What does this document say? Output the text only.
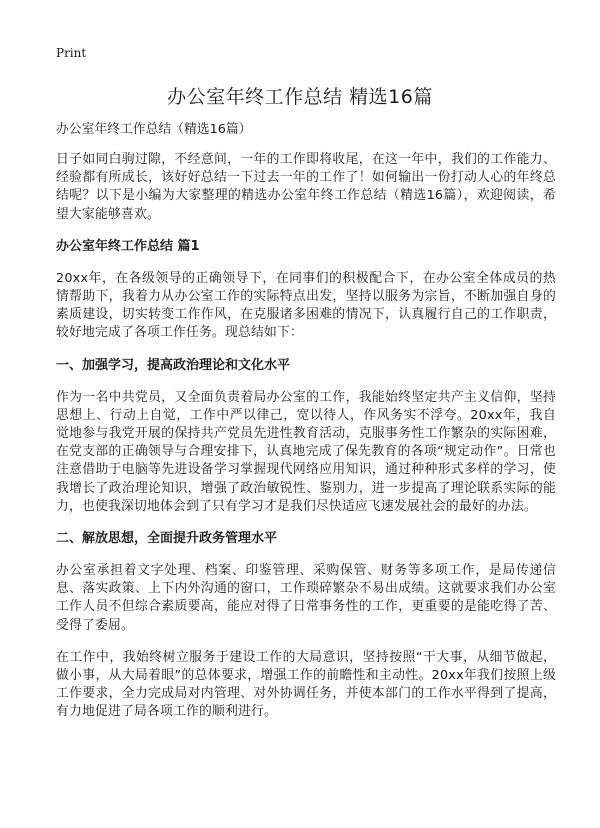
Print
办公室年终工作总结 精选16篇
办公室年终工作总结（精选16篇）

日子如同白驹过隙，不经意间，一年的工作即将收尾，在这一年中，我们的工作能力、经验都有所成长，该好好总结一下过去一年的工作了！如何输出一份打动人心的年终总结呢？以下是小编为大家整理的精选办公室年终工作总结（精选16篇），欢迎阅读，希望大家能够喜欢。

办公室年终工作总结 篇1

20xx年，在各级领导的正确领导下，在同事们的积极配合下，在办公室全体成员的热情帮助下，我着力从办公室工作的实际特点出发，坚持以服务为宗旨，不断加强自身的素质建设，切实转变工作作风，在克服诸多困难的情况下，认真履行自己的工作职责，较好地完成了各项工作任务。现总结如下：

一、加强学习，提高政治理论和文化水平

作为一名中共党员，又全面负责着局办公室的工作，我能始终坚定共产主义信仰，坚持思想上、行动上自觉，工作中严以律己，宽以待人，作风务实不浮夸。20xx年，我自觉地参与我党开展的保持共产党员先进性教育活动，克服事务性工作繁杂的实际困难，在党支部的正确领导与合理安排下，认真地完成了保先教育的各项“规定动作”。日常也注意借助于电脑等先进设备学习掌握现代网络应用知识，通过种种形式多样的学习，使我增长了政治理论知识，增强了政治敏锐性、鉴别力，进一步提高了理论联系实际的能力，也使我深切地体会到了只有学习才是我们尽快适应飞速发展社会的最好的办法。

二、解放思想，全面提升政务管理水平

办公室承担着文字处理、档案、印鉴管理、采购保管、财务等多项工作，是局传递信息、落实政策、上下内外沟通的窗口，工作琐碎繁杂不易出成绩。这就要求我们办公室工作人员不但综合素质要高，能应对得了日常事务性的工作，更重要的是能吃得了苦、受得了委屈。

在工作中，我始终树立服务于建设工作的大局意识，坚持按照“干大事，从细节做起，做小事，从大局着眼”的总体要求，增强工作的前瞻性和主动性。20xx年我们按照上级工作要求，全力完成局对内管理、对外协调任务，并使本部门的工作水平得到了提高，有力地促进了局各项工作的顺利进行。
